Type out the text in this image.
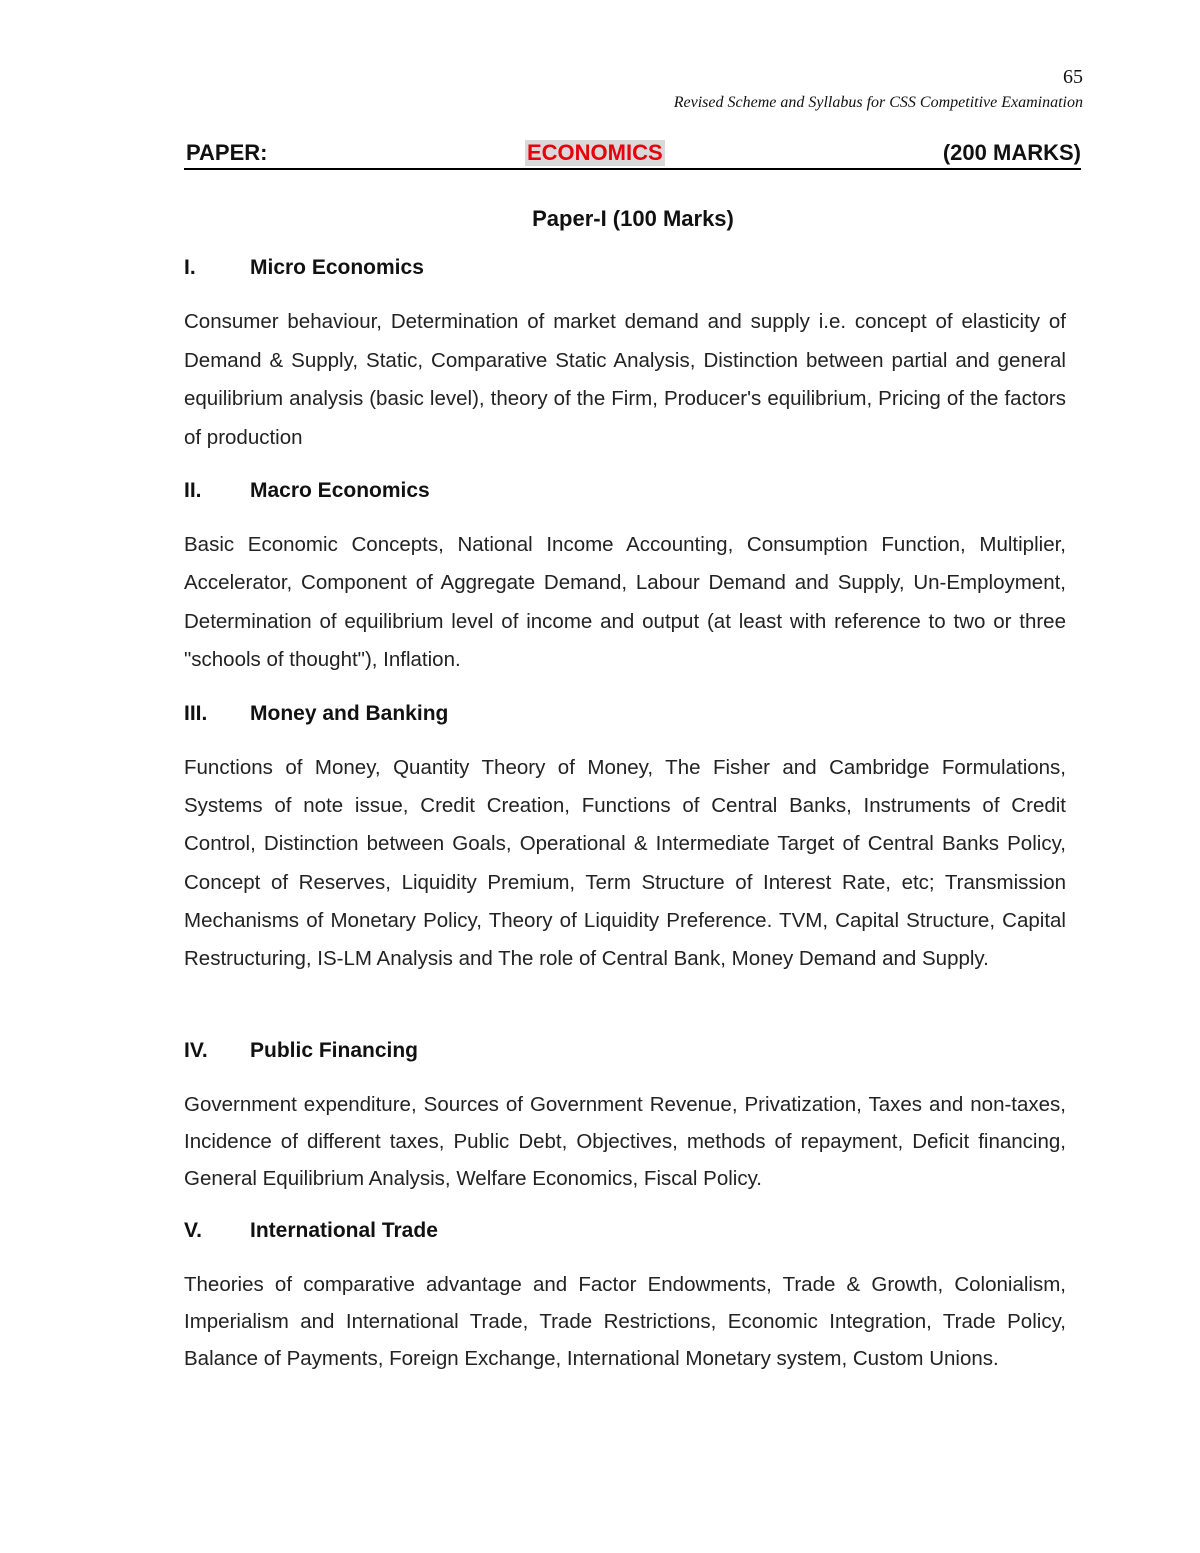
65
Revised Scheme and Syllabus for CSS Competitive Examination
PAPER:	ECONOMICS	(200 MARKS)
Paper-I (100 Marks)
I.	Micro Economics
Consumer behaviour, Determination of market demand and supply i.e. concept of elasticity of Demand & Supply, Static, Comparative Static Analysis, Distinction between partial and general equilibrium analysis (basic level), theory of the Firm, Producer's equilibrium, Pricing of the factors of production
II. Macro Economics
Basic Economic Concepts, National Income Accounting, Consumption Function, Multiplier, Accelerator, Component of Aggregate Demand, Labour Demand and Supply, Un-Employment, Determination of equilibrium level of income and output (at least with reference to two or three "schools of thought"), Inflation.
III. Money and Banking
Functions of Money, Quantity Theory of Money, The Fisher and Cambridge Formulations, Systems of note issue, Credit Creation, Functions of Central Banks, Instruments of Credit Control, Distinction between Goals, Operational & Intermediate Target of Central Banks Policy, Concept of Reserves, Liquidity Premium, Term Structure of Interest Rate, etc; Transmission Mechanisms of Monetary Policy, Theory of Liquidity Preference. TVM, Capital Structure, Capital Restructuring, IS-LM Analysis and The role of Central Bank, Money Demand and Supply.
IV. Public Financing
Government expenditure, Sources of Government Revenue, Privatization, Taxes and non-taxes, Incidence of different taxes, Public Debt, Objectives, methods of repayment, Deficit financing, General Equilibrium Analysis, Welfare Economics, Fiscal Policy.
V. International Trade
Theories of comparative advantage and Factor Endowments, Trade & Growth, Colonialism, Imperialism and International Trade, Trade Restrictions, Economic Integration, Trade Policy, Balance of Payments, Foreign Exchange, International Monetary system, Custom Unions.
